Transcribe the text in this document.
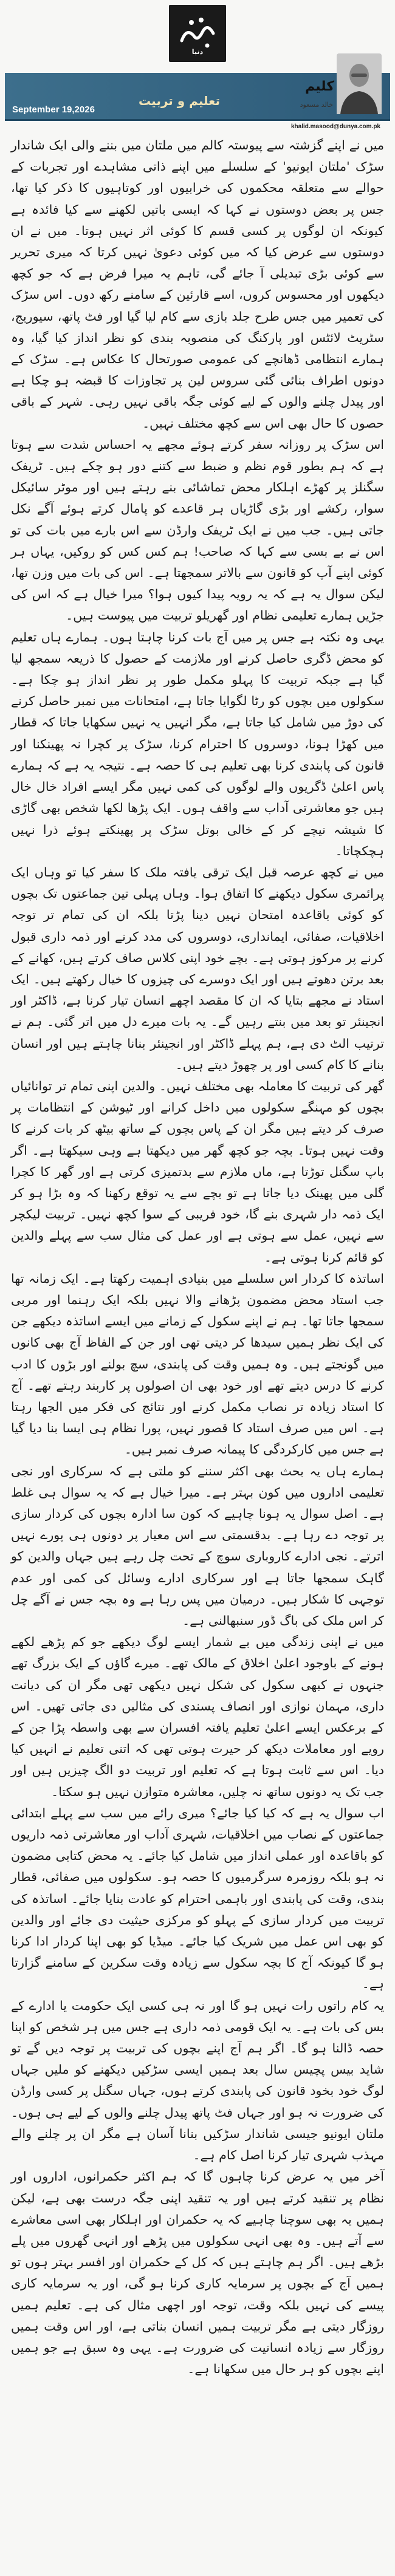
دنیا
September 19,2026
تعلیم و تربیت
کلیم
خالد مسعود
khalid.masood@dunya.com.pk

میں نے اپنے گزشتہ سے پیوستہ کالم میں ملتان میں بننے والی ایک شاندار سڑک 'ملتان ایونیو' کے سلسلے میں اپنے ذاتی مشاہدے اور تجربات کے حوالے سے متعلقہ محکموں کی خرابیوں اور کوتاہیوں کا ذکر کیا تھا، جس پر بعض دوستوں نے کہا کہ ایسی باتیں لکھنے سے کیا فائدہ ہے کیونکہ ان لوگوں پر کسی قسم کا کوئی اثر نہیں ہوتا۔ میں نے ان دوستوں سے عرض کیا کہ میں کوئی دعویٰ نہیں کرتا کہ میری تحریر سے کوئی بڑی تبدیلی آ جائے گی، تاہم یہ میرا فرض ہے کہ جو کچھ دیکھوں اور محسوس کروں، اسے قارئین کے سامنے رکھ دوں۔ اس سڑک کی تعمیر میں جس طرح جلد بازی سے کام لیا گیا اور فٹ پاتھ، سیوریج، سٹریٹ لائٹس اور پارکنگ کی منصوبہ بندی کو نظر انداز کیا گیا، وہ ہمارے انتظامی ڈھانچے کی عمومی صورتحال کا عکاس ہے۔ سڑک کے دونوں اطراف بنائی گئی سروس لین پر تجاوزات کا قبضہ ہو چکا ہے اور پیدل چلنے والوں کے لیے کوئی جگہ باقی نہیں رہی۔ شہر کے باقی حصوں کا حال بھی اس سے کچھ مختلف نہیں۔

اس سڑک پر روزانہ سفر کرتے ہوئے مجھے یہ احساس شدت سے ہوتا ہے کہ ہم بطور قوم نظم و ضبط سے کتنے دور ہو چکے ہیں۔ ٹریفک سگنلز پر کھڑے اہلکار محض تماشائی بنے رہتے ہیں اور موٹر سائیکل سوار، رکشے اور بڑی گاڑیاں ہر قاعدے کو پامال کرتے ہوئے آگے نکل جاتی ہیں۔ جب میں نے ایک ٹریفک وارڈن سے اس بارے میں بات کی تو اس نے بے بسی سے کہا کہ صاحب! ہم کس کس کو روکیں، یہاں ہر کوئی اپنے آپ کو قانون سے بالاتر سمجھتا ہے۔ اس کی بات میں وزن تھا، لیکن سوال یہ ہے کہ یہ رویہ پیدا کیوں ہوا؟ میرا خیال ہے کہ اس کی جڑیں ہمارے تعلیمی نظام اور گھریلو تربیت میں پیوست ہیں۔

یہی وہ نکتہ ہے جس پر میں آج بات کرنا چاہتا ہوں۔ ہمارے ہاں تعلیم کو محض ڈگری حاصل کرنے اور ملازمت کے حصول کا ذریعہ سمجھ لیا گیا ہے جبکہ تربیت کا پہلو مکمل طور پر نظر انداز ہو چکا ہے۔ سکولوں میں بچوں کو رٹا لگوایا جاتا ہے، امتحانات میں نمبر حاصل کرنے کی دوڑ میں شامل کیا جاتا ہے، مگر انہیں یہ نہیں سکھایا جاتا کہ قطار میں کھڑا ہونا، دوسروں کا احترام کرنا، سڑک پر کچرا نہ پھینکنا اور قانون کی پابندی کرنا بھی تعلیم ہی کا حصہ ہے۔ نتیجہ یہ ہے کہ ہمارے پاس اعلیٰ ڈگریوں والے لوگوں کی کمی نہیں مگر ایسے افراد خال خال ہیں جو معاشرتی آداب سے واقف ہوں۔ ایک پڑھا لکھا شخص بھی گاڑی کا شیشہ نیچے کر کے خالی بوتل سڑک پر پھینکتے ہوئے ذرا نہیں ہچکچاتا۔

میں نے کچھ عرصہ قبل ایک ترقی یافتہ ملک کا سفر کیا تو وہاں ایک پرائمری سکول دیکھنے کا اتفاق ہوا۔ وہاں پہلی تین جماعتوں تک بچوں کو کوئی باقاعدہ امتحان نہیں دینا پڑتا بلکہ ان کی تمام تر توجہ اخلاقیات، صفائی، ایمانداری، دوسروں کی مدد کرنے اور ذمہ داری قبول کرنے پر مرکوز ہوتی ہے۔ بچے خود اپنی کلاس صاف کرتے ہیں، کھانے کے بعد برتن دھوتے ہیں اور ایک دوسرے کی چیزوں کا خیال رکھتے ہیں۔ ایک استاد نے مجھے بتایا کہ ان کا مقصد اچھے انسان تیار کرنا ہے، ڈاکٹر اور انجینئر تو بعد میں بنتے رہیں گے۔ یہ بات میرے دل میں اتر گئی۔ ہم نے ترتیب الٹ دی ہے، ہم پہلے ڈاکٹر اور انجینئر بنانا چاہتے ہیں اور انسان بنانے کا کام کسی اور پر چھوڑ دیتے ہیں۔

گھر کی تربیت کا معاملہ بھی مختلف نہیں۔ والدین اپنی تمام تر توانائیاں بچوں کو مہنگے سکولوں میں داخل کرانے اور ٹیوشن کے انتظامات پر صرف کر دیتے ہیں مگر ان کے پاس بچوں کے ساتھ بیٹھ کر بات کرنے کا وقت نہیں ہوتا۔ بچہ جو کچھ گھر میں دیکھتا ہے وہی سیکھتا ہے۔ اگر باپ سگنل توڑتا ہے، ماں ملازم سے بدتمیزی کرتی ہے اور گھر کا کچرا گلی میں پھینک دیا جاتا ہے تو بچے سے یہ توقع رکھنا کہ وہ بڑا ہو کر ایک ذمہ دار شہری بنے گا، خود فریبی کے سوا کچھ نہیں۔ تربیت لیکچر سے نہیں، عمل سے ہوتی ہے اور عمل کی مثال سب سے پہلے والدین کو قائم کرنا ہوتی ہے۔

اساتذہ کا کردار اس سلسلے میں بنیادی اہمیت رکھتا ہے۔ ایک زمانہ تھا جب استاد محض مضمون پڑھانے والا نہیں بلکہ ایک رہنما اور مربی سمجھا جاتا تھا۔ ہم نے اپنے سکول کے زمانے میں ایسے اساتذہ دیکھے جن کی ایک نظر ہمیں سیدھا کر دیتی تھی اور جن کے الفاظ آج بھی کانوں میں گونجتے ہیں۔ وہ ہمیں وقت کی پابندی، سچ بولنے اور بڑوں کا ادب کرنے کا درس دیتے تھے اور خود بھی ان اصولوں پر کاربند رہتے تھے۔ آج کا استاد زیادہ تر نصاب مکمل کرنے اور نتائج کی فکر میں الجھا رہتا ہے۔ اس میں صرف استاد کا قصور نہیں، پورا نظام ہی ایسا بنا دیا گیا ہے جس میں کارکردگی کا پیمانہ صرف نمبر ہیں۔

ہمارے ہاں یہ بحث بھی اکثر سننے کو ملتی ہے کہ سرکاری اور نجی تعلیمی اداروں میں کون بہتر ہے۔ میرا خیال ہے کہ یہ سوال ہی غلط ہے۔ اصل سوال یہ ہونا چاہیے کہ کون سا ادارہ بچوں کی کردار سازی پر توجہ دے رہا ہے۔ بدقسمتی سے اس معیار پر دونوں ہی پورے نہیں اترتے۔ نجی ادارے کاروباری سوچ کے تحت چل رہے ہیں جہاں والدین کو گاہک سمجھا جاتا ہے اور سرکاری ادارے وسائل کی کمی اور عدم توجہی کا شکار ہیں۔ درمیان میں پس رہا ہے وہ بچہ جس نے آگے چل کر اس ملک کی باگ ڈور سنبھالنی ہے۔

میں نے اپنی زندگی میں بے شمار ایسے لوگ دیکھے جو کم پڑھے لکھے ہونے کے باوجود اعلیٰ اخلاق کے مالک تھے۔ میرے گاؤں کے ایک بزرگ تھے جنہوں نے کبھی سکول کی شکل نہیں دیکھی تھی مگر ان کی دیانت داری، مہمان نوازی اور انصاف پسندی کی مثالیں دی جاتی تھیں۔ اس کے برعکس ایسے اعلیٰ تعلیم یافتہ افسران سے بھی واسطہ پڑا جن کے رویے اور معاملات دیکھ کر حیرت ہوتی تھی کہ اتنی تعلیم نے انہیں کیا دیا۔ اس سے ثابت ہوتا ہے کہ تعلیم اور تربیت دو الگ چیزیں ہیں اور جب تک یہ دونوں ساتھ نہ چلیں، معاشرہ متوازن نہیں ہو سکتا۔

اب سوال یہ ہے کہ کیا کیا جائے؟ میری رائے میں سب سے پہلے ابتدائی جماعتوں کے نصاب میں اخلاقیات، شہری آداب اور معاشرتی ذمہ داریوں کو باقاعدہ اور عملی انداز میں شامل کیا جائے۔ یہ محض کتابی مضمون نہ ہو بلکہ روزمرہ سرگرمیوں کا حصہ ہو۔ سکولوں میں صفائی، قطار بندی، وقت کی پابندی اور باہمی احترام کو عادت بنایا جائے۔ اساتذہ کی تربیت میں کردار سازی کے پہلو کو مرکزی حیثیت دی جائے اور والدین کو بھی اس عمل میں شریک کیا جائے۔ میڈیا کو بھی اپنا کردار ادا کرنا ہو گا کیونکہ آج کا بچہ سکول سے زیادہ وقت سکرین کے سامنے گزارتا ہے۔

یہ کام راتوں رات نہیں ہو گا اور نہ ہی کسی ایک حکومت یا ادارے کے بس کی بات ہے۔ یہ ایک قومی ذمہ داری ہے جس میں ہر شخص کو اپنا حصہ ڈالنا ہو گا۔ اگر ہم آج اپنے بچوں کی تربیت پر توجہ دیں گے تو شاید بیس پچیس سال بعد ہمیں ایسی سڑکیں دیکھنے کو ملیں جہاں لوگ خود بخود قانون کی پابندی کرتے ہوں، جہاں سگنل پر کسی وارڈن کی ضرورت نہ ہو اور جہاں فٹ پاتھ پیدل چلنے والوں کے لیے ہی ہوں۔ ملتان ایونیو جیسی شاندار سڑکیں بنانا آسان ہے مگر ان پر چلنے والے مہذب شہری تیار کرنا اصل کام ہے۔

آخر میں یہ عرض کرنا چاہوں گا کہ ہم اکثر حکمرانوں، اداروں اور نظام پر تنقید کرتے ہیں اور یہ تنقید اپنی جگہ درست بھی ہے، لیکن ہمیں یہ بھی سوچنا چاہیے کہ یہ حکمران اور اہلکار بھی اسی معاشرے سے آتے ہیں۔ وہ بھی انہی سکولوں میں پڑھے اور انہی گھروں میں پلے بڑھے ہیں۔ اگر ہم چاہتے ہیں کہ کل کے حکمران اور افسر بہتر ہوں تو ہمیں آج کے بچوں پر سرمایہ کاری کرنا ہو گی، اور یہ سرمایہ کاری پیسے کی نہیں بلکہ وقت، توجہ اور اچھی مثال کی ہے۔ تعلیم ہمیں روزگار دیتی ہے مگر تربیت ہمیں انسان بناتی ہے، اور اس وقت ہمیں روزگار سے زیادہ انسانیت کی ضرورت ہے۔ یہی وہ سبق ہے جو ہمیں اپنے بچوں کو ہر حال میں سکھانا ہے۔
